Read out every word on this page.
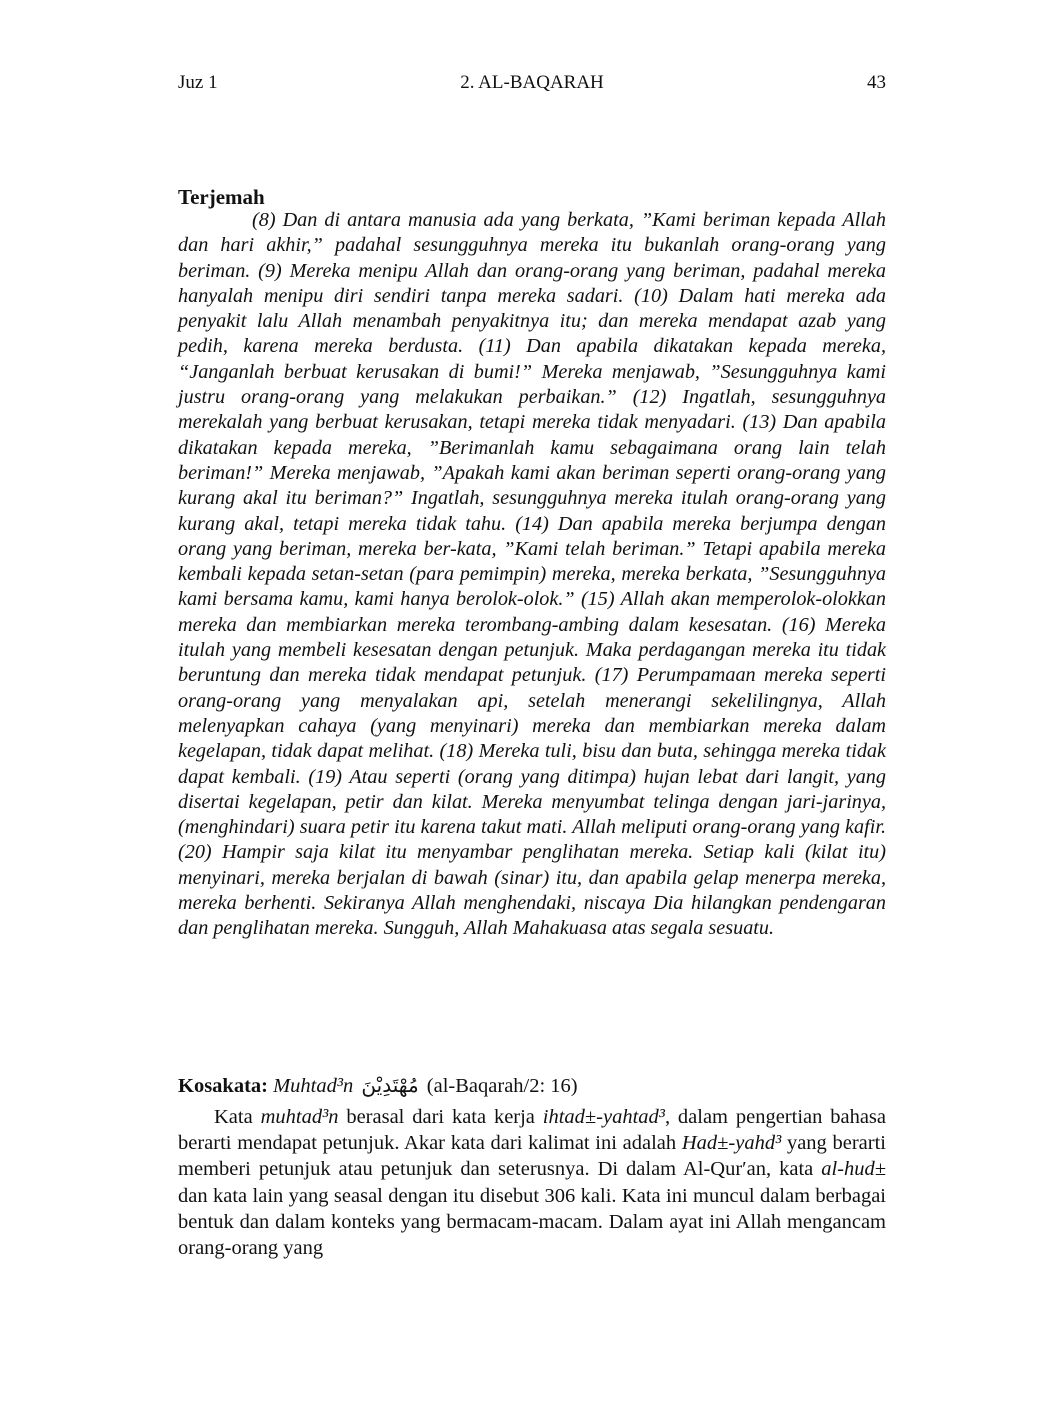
Juz 1	2. AL-BAQARAH	43
Terjemah

(8) Dan di antara manusia ada yang berkata, ”Kami beriman kepada Allah dan hari akhir,” padahal sesungguhnya mereka itu bukanlah orang-orang yang beriman. (9) Mereka menipu Allah dan orang-orang yang beriman, padahal mereka hanyalah menipu diri sendiri tanpa mereka sadari. (10) Dalam hati mereka ada penyakit lalu Allah menambah penyakitnya itu; dan mereka mendapat azab yang pedih, karena mereka berdusta. (11) Dan apabila dikatakan kepada mereka, “Janganlah berbuat kerusakan di bumi!” Mereka menjawab, ”Sesungguhnya kami justru orang-orang yang melakukan perbaikan.” (12) Ingatlah, sesungguhnya merekalah yang berbuat kerusakan, tetapi mereka tidak menyadari. (13) Dan apabila dikatakan kepada mereka, ”Berimanlah kamu sebagaimana orang lain telah beriman!” Mereka menjawab, ”Apakah kami akan beriman seperti orang-orang yang kurang akal itu beriman?” Ingatlah, sesungguhnya mereka itulah orang-orang yang kurang akal, tetapi mereka tidak tahu. (14) Dan apabila mereka berjumpa dengan orang yang beriman, mereka ber-kata, ”Kami telah beriman.” Tetapi apabila mereka kembali kepada setan-setan (para pemimpin) mereka, mereka berkata, ”Sesungguhnya kami bersama kamu, kami hanya berolok-olok.” (15) Allah akan memperolok-olokkan mereka dan membiarkan mereka terombang-ambing dalam kesesatan. (16) Mereka itulah yang membeli kesesatan dengan petunjuk. Maka perdagangan mereka itu tidak beruntung dan mereka tidak mendapat petunjuk. (17) Perumpamaan mereka seperti orang-orang yang menyalakan api, setelah menerangi sekelilingnya, Allah melenyapkan cahaya (yang menyinari) mereka dan membiarkan mereka dalam kegelapan, tidak dapat melihat. (18) Mereka tuli, bisu dan buta, sehingga mereka tidak dapat kembali. (19) Atau seperti (orang yang ditimpa) hujan lebat dari langit, yang disertai kegelapan, petir dan kilat. Mereka menyumbat telinga dengan jari-jarinya, (menghindari) suara petir itu karena takut mati. Allah meliputi orang-orang yang kafir.(20) Hampir saja kilat itu menyambar penglihatan mereka. Setiap kali (kilat itu) menyinari, mereka berjalan di bawah (sinar) itu, dan apabila gelap menerpa mereka, mereka berhenti. Sekiranya Allah menghendaki, niscaya Dia hilangkan pendengaran dan penglihatan mereka. Sungguh, Allah Mahakuasa atas segala sesuatu.

Kosakata: Muhtad³n مُهْتَدِيْنَ (al-Baqarah/2: 16)

Kata muhtad³n berasal dari kata kerja ihtad±-yahtad³, dalam pengertian bahasa berarti mendapat petunjuk. Akar kata dari kalimat ini adalah Had±-yahd³ yang berarti memberi petunjuk atau petunjuk dan seterusnya. Di dalam Al-Qur′an, kata al-hud± dan kata lain yang seasal dengan itu disebut 306 kali. Kata ini muncul dalam berbagai bentuk dan dalam konteks yang bermacam-macam. Dalam ayat ini Allah mengancam orang-orang yang
